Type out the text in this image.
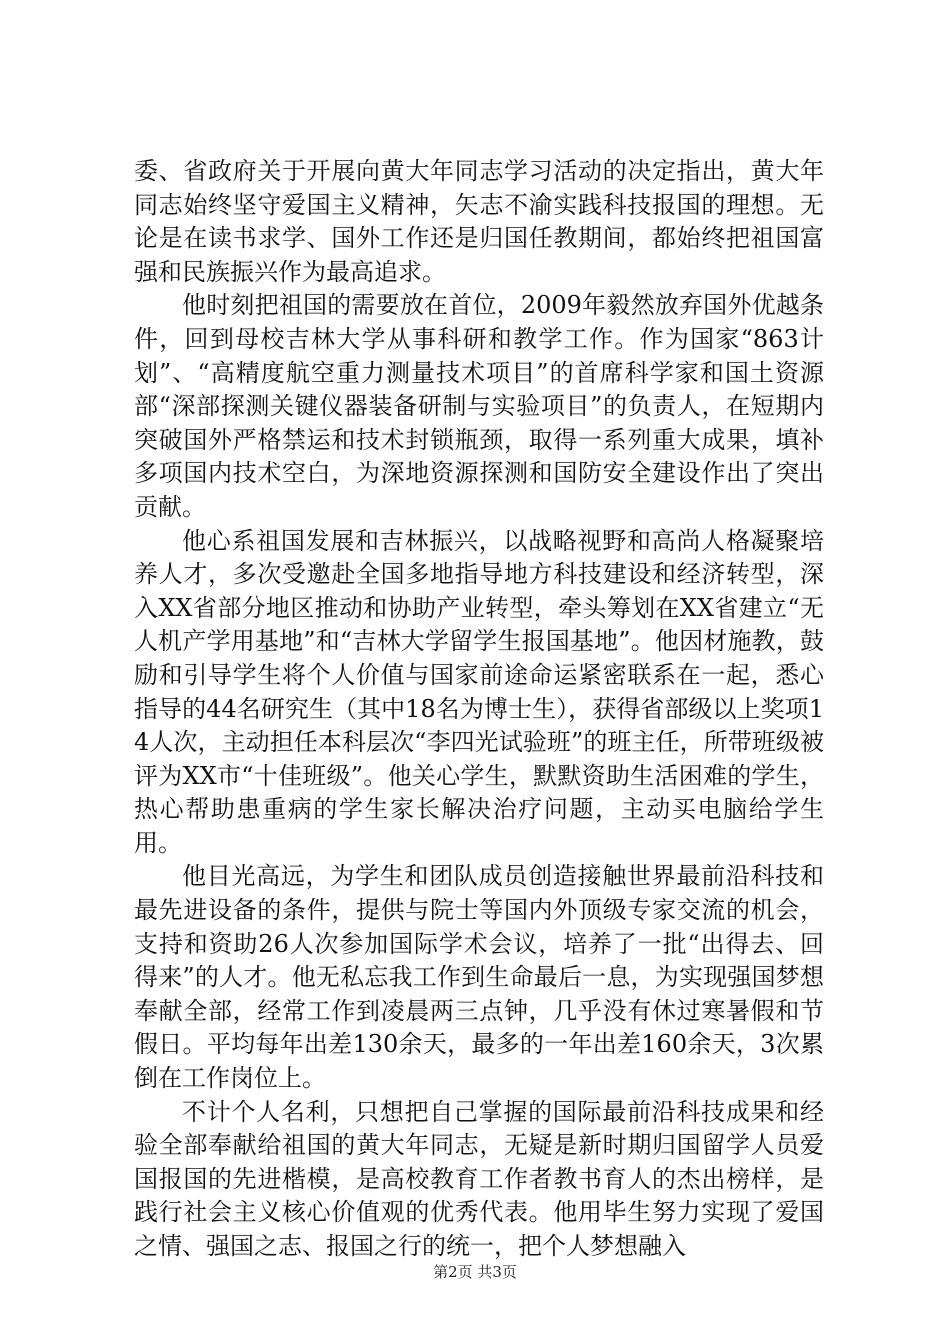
委、省政府关于开展向黄大年同志学习活动的决定指出，黄大年同志始终坚守爱国主义精神，矢志不渝实践科技报国的理想。无论是在读书求学、国外工作还是归国任教期间，都始终把祖国富强和民族振兴作为最高追求。

他时刻把祖国的需要放在首位，2009年毅然放弃国外优越条件，回到母校吉林大学从事科研和教学工作。作为国家“863计划”、“高精度航空重力测量技术项目”的首席科学家和国土资源部“深部探测关键仪器装备研制与实验项目”的负责人，在短期内突破国外严格禁运和技术封锁瓶颈，取得一系列重大成果，填补多项国内技术空白，为深地资源探测和国防安全建设作出了突出贡献。

他心系祖国发展和吉林振兴，以战略视野和高尚人格凝聚培养人才，多次受邀赴全国多地指导地方科技建设和经济转型，深入XX省部分地区推动和协助产业转型，牵头筹划在XX省建立“无人机产学用基地”和“吉林大学留学生报国基地”。他因材施教，鼓励和引导学生将个人价值与国家前途命运紧密联系在一起，悉心指导的44名研究生（其中18名为博士生），获得省部级以上奖项14人次，主动担任本科层次“李四光试验班”的班主任，所带班级被评为XX市“十佳班级”。他关心学生，默默资助生活困难的学生，热心帮助患重病的学生家长解决治疗问题，主动买电脑给学生用。

他目光高远，为学生和团队成员创造接触世界最前沿科技和最先进设备的条件，提供与院士等国内外顶级专家交流的机会，支持和资助26人次参加国际学术会议，培养了一批“出得去、回得来”的人才。他无私忘我工作到生命最后一息，为实现强国梦想奉献全部，经常工作到凌晨两三点钟，几乎没有休过寒暑假和节假日。平均每年出差130余天，最多的一年出差160余天，3次累倒在工作岗位上。

不计个人名利，只想把自己掌握的国际最前沿科技成果和经验全部奉献给祖国的黄大年同志，无疑是新时期归国留学人员爱国报国的先进楷模，是高校教育工作者教书育人的杰出榜样，是践行社会主义核心价值观的优秀代表。他用毕生努力实现了爱国之情、强国之志、报国之行的统一，把个人梦想融入

第2页 共3页
